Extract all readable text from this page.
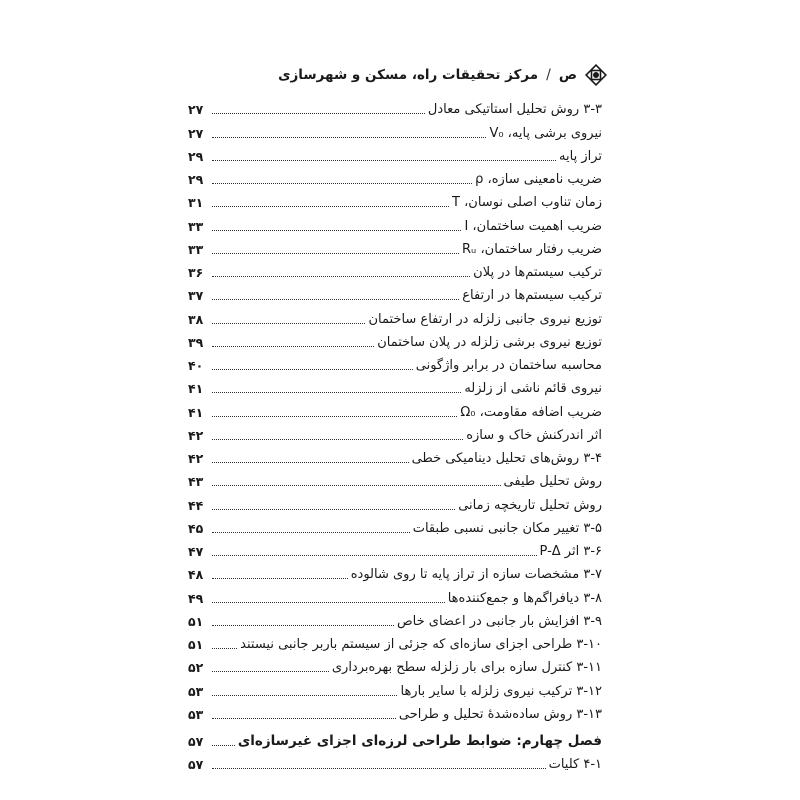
ص
/
مرکز تحقیقات راه، مسکن و شهرسازی
۳-۳ روش تحلیل استاتیکی معادل
۲۷
نیروی برشی پایه، V₀
۲۷
تراز پایه
۲۹
ضریب نامعینی سازه، ρ
۲۹
زمان تناوب اصلی نوسان، T
۳۱
ضریب اهمیت ساختمان، I
۳۳
ضریب رفتار ساختمان، Rᵤ
۳۳
ترکیب سیستم‌ها در پلان
۳۶
ترکیب سیستم‌ها در ارتفاع
۳۷
توزیع نیروی جانبی زلزله در ارتفاع ساختمان
۳۸
توزیع نیروی برشی زلزله در پلان ساختمان
۳۹
محاسبه ساختمان در برابر واژگونی
۴۰
نیروی قائم ناشی از زلزله
۴۱
ضریب اضافه مقاومت، Ω₀
۴۱
اثر اندرکنش خاک و سازه
۴۲
۳-۴ روش‌های تحلیل دینامیکی خطی
۴۲
روش تحلیل طیفی
۴۳
روش تحلیل تاریخچه زمانی
۴۴
۳-۵ تغییر مکان جانبی نسبی طبقات
۴۵
۳-۶ اثر P-Δ
۴۷
۳-۷ مشخصات سازه از تراز پایه تا روی شالوده
۴۸
۳-۸ دیافراگم‌ها و جمع‌کننده‌ها
۴۹
۳-۹ افزایش بار جانبی در اعضای خاص
۵۱
۳-۱۰ طراحی اجزای سازه‌ای که جزئی از سیستم باربر جانبی نیستند
۵۱
۳-۱۱ کنترل سازه برای بار زلزله سطح بهره‌برداری
۵۲
۳-۱۲ ترکیب نیروی زلزله با سایر بارها
۵۳
۳-۱۳ روش ساده‌شدهٔ تحلیل و طراحی
۵۳
فصل چهارم: ضوابط طراحی لرزه‌ای اجزای غیرسازه‌ای
۵۷
۴-۱ کلیات
۵۷
